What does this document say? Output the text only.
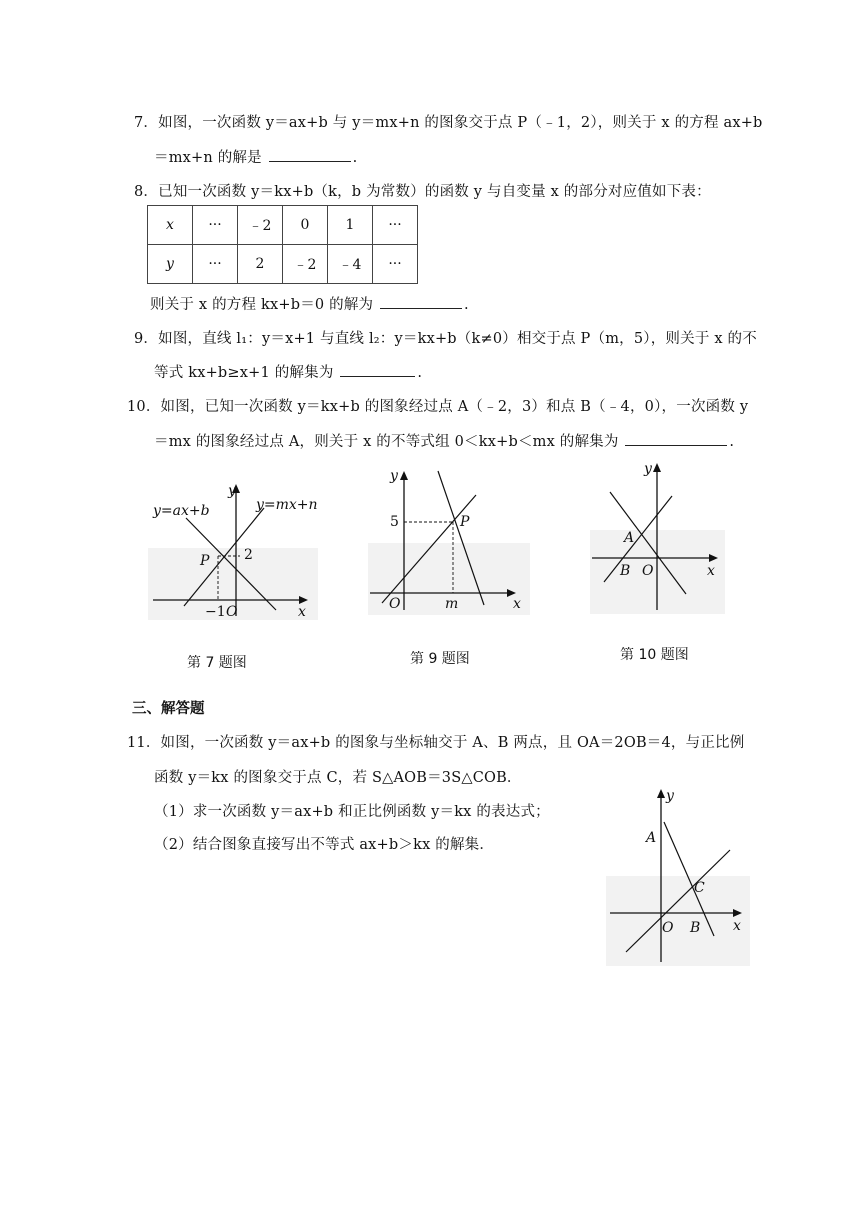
7．如图，一次函数 y＝ax+b 与 y＝mx+n 的图象交于点 P（﹣1，2），则关于 x 的方程 ax+b
＝mx+n 的解是	.
8．已知一次函数 y＝kx+b（k，b 为常数）的函数 y 与自变量 x 的部分对应值如下表：
x	···	﹣2	0	1	···
y	···	2	﹣2	﹣4	···
则关于 x 的方程 kx+b＝0 的解为	.
9．如图，直线 l₁：y＝x+1 与直线 l₂：y＝kx+b（k≠0）相交于点 P（m，5），则关于 x 的不
等式 kx+b≥x+1 的解集为	.
10．如图，已知一次函数 y＝kx+b 的图象经过点 A（﹣2，3）和点 B（﹣4，0），一次函数 y
＝mx 的图象经过点 A，则关于 x 的不等式组 0＜kx+b＜mx 的解集为	.
y=ax+b	y=mx+n
P 2
−1 O	x
y
第 7 题图
5	P
m
O	x
y
第 9 题图
A
B O	x
y
第 10 题图
三、解答题
11．如图，一次函数 y＝ax+b 的图象与坐标轴交于 A、B 两点，且 OA＝2OB＝4，与正比例
函数 y＝kx 的图象交于点 C，若 S△AOB＝3S△COB．
（1）求一次函数 y＝ax+b 和正比例函数 y＝kx 的表达式；
（2）结合图象直接写出不等式 ax+b＞kx 的解集．	A
B
C
O	x
y
